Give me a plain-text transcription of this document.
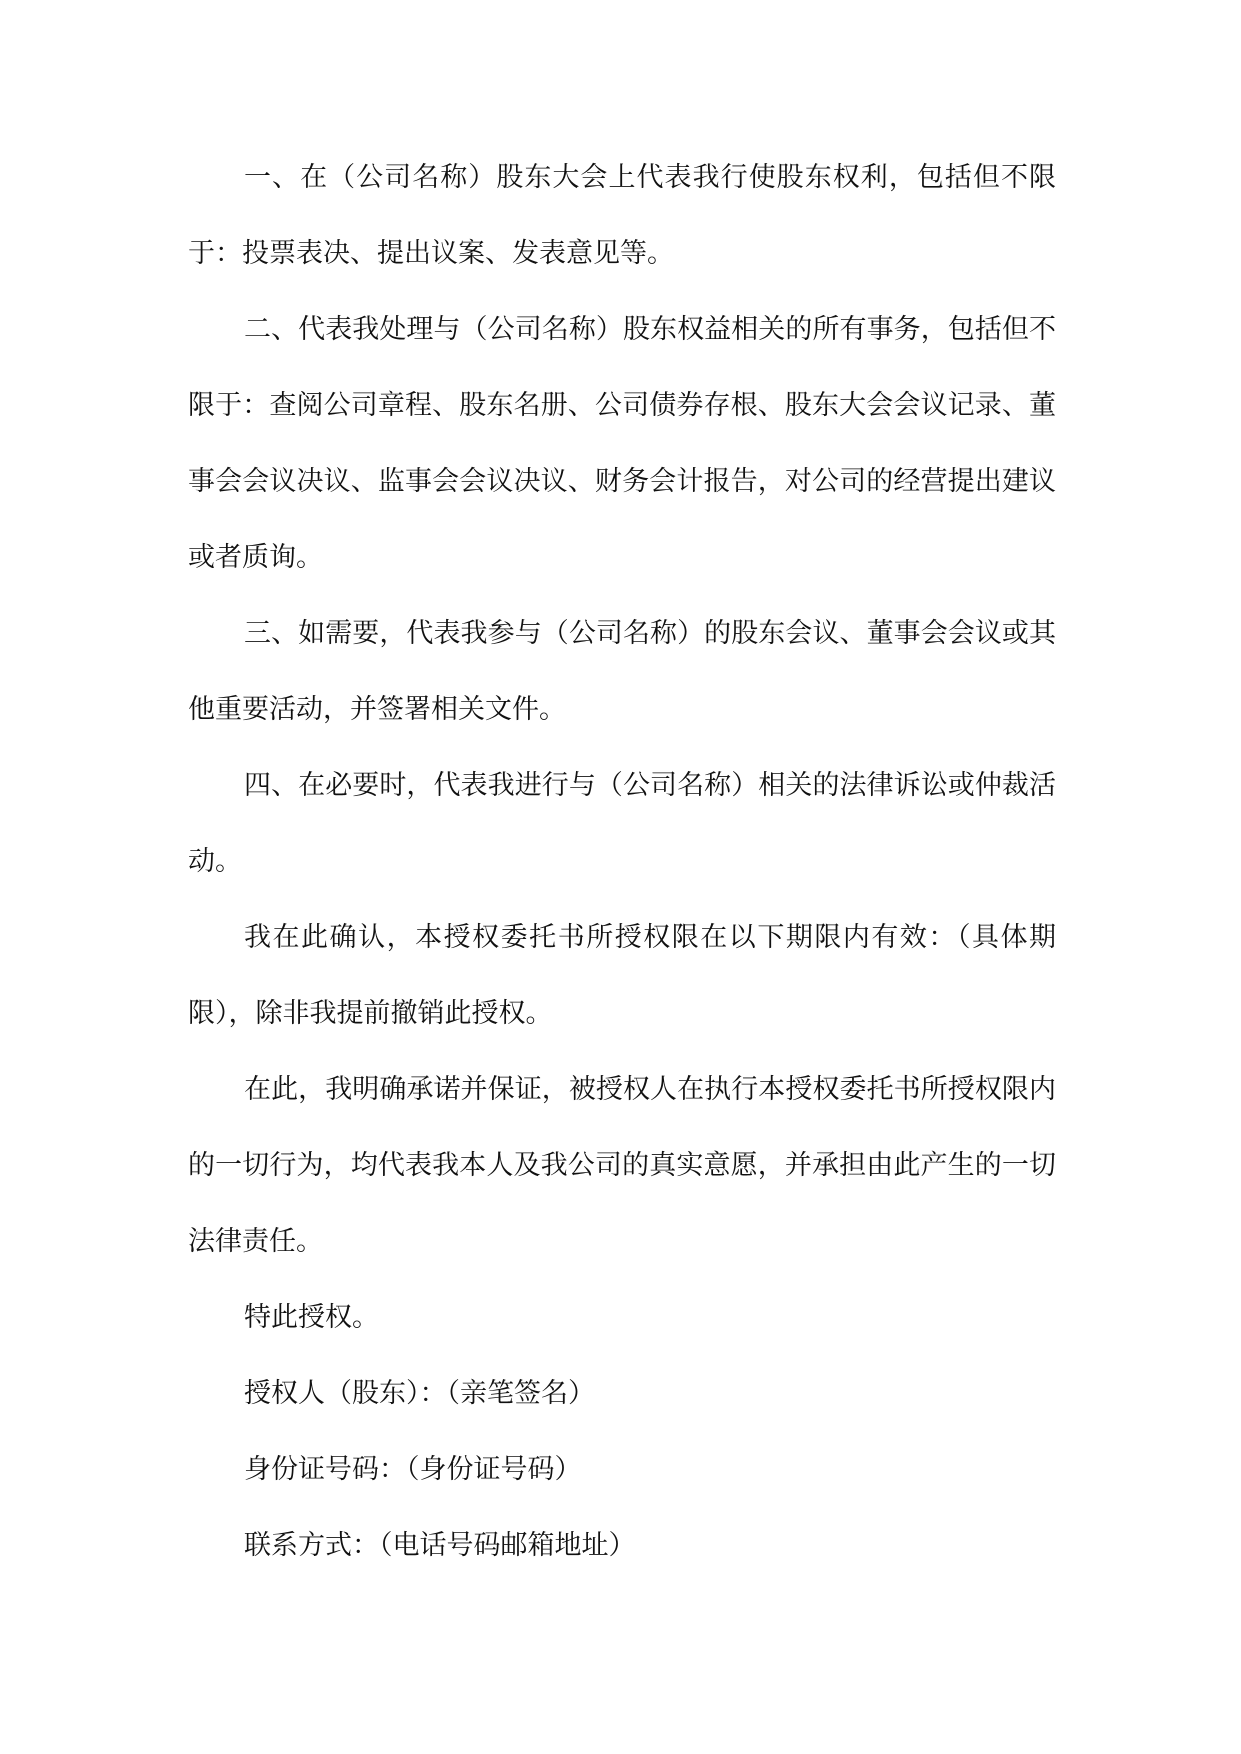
一、在（公司名称）股东大会上代表我行使股东权利，包括但不限于：投票表决、提出议案、发表意见等。

二、代表我处理与（公司名称）股东权益相关的所有事务，包括但不限于：查阅公司章程、股东名册、公司债券存根、股东大会会议记录、董事会会议决议、监事会会议决议、财务会计报告，对公司的经营提出建议或者质询。

三、如需要，代表我参与（公司名称）的股东会议、董事会会议或其他重要活动，并签署相关文件。

四、在必要时，代表我进行与（公司名称）相关的法律诉讼或仲裁活动。

我在此确认，本授权委托书所授权限在以下期限内有效：（具体期限），除非我提前撤销此授权。

在此，我明确承诺并保证，被授权人在执行本授权委托书所授权限内的一切行为，均代表我本人及我公司的真实意愿，并承担由此产生的一切法律责任。

特此授权。

授权人（股东）：（亲笔签名）

身份证号码：（身份证号码）

联系方式：（电话号码邮箱地址）
